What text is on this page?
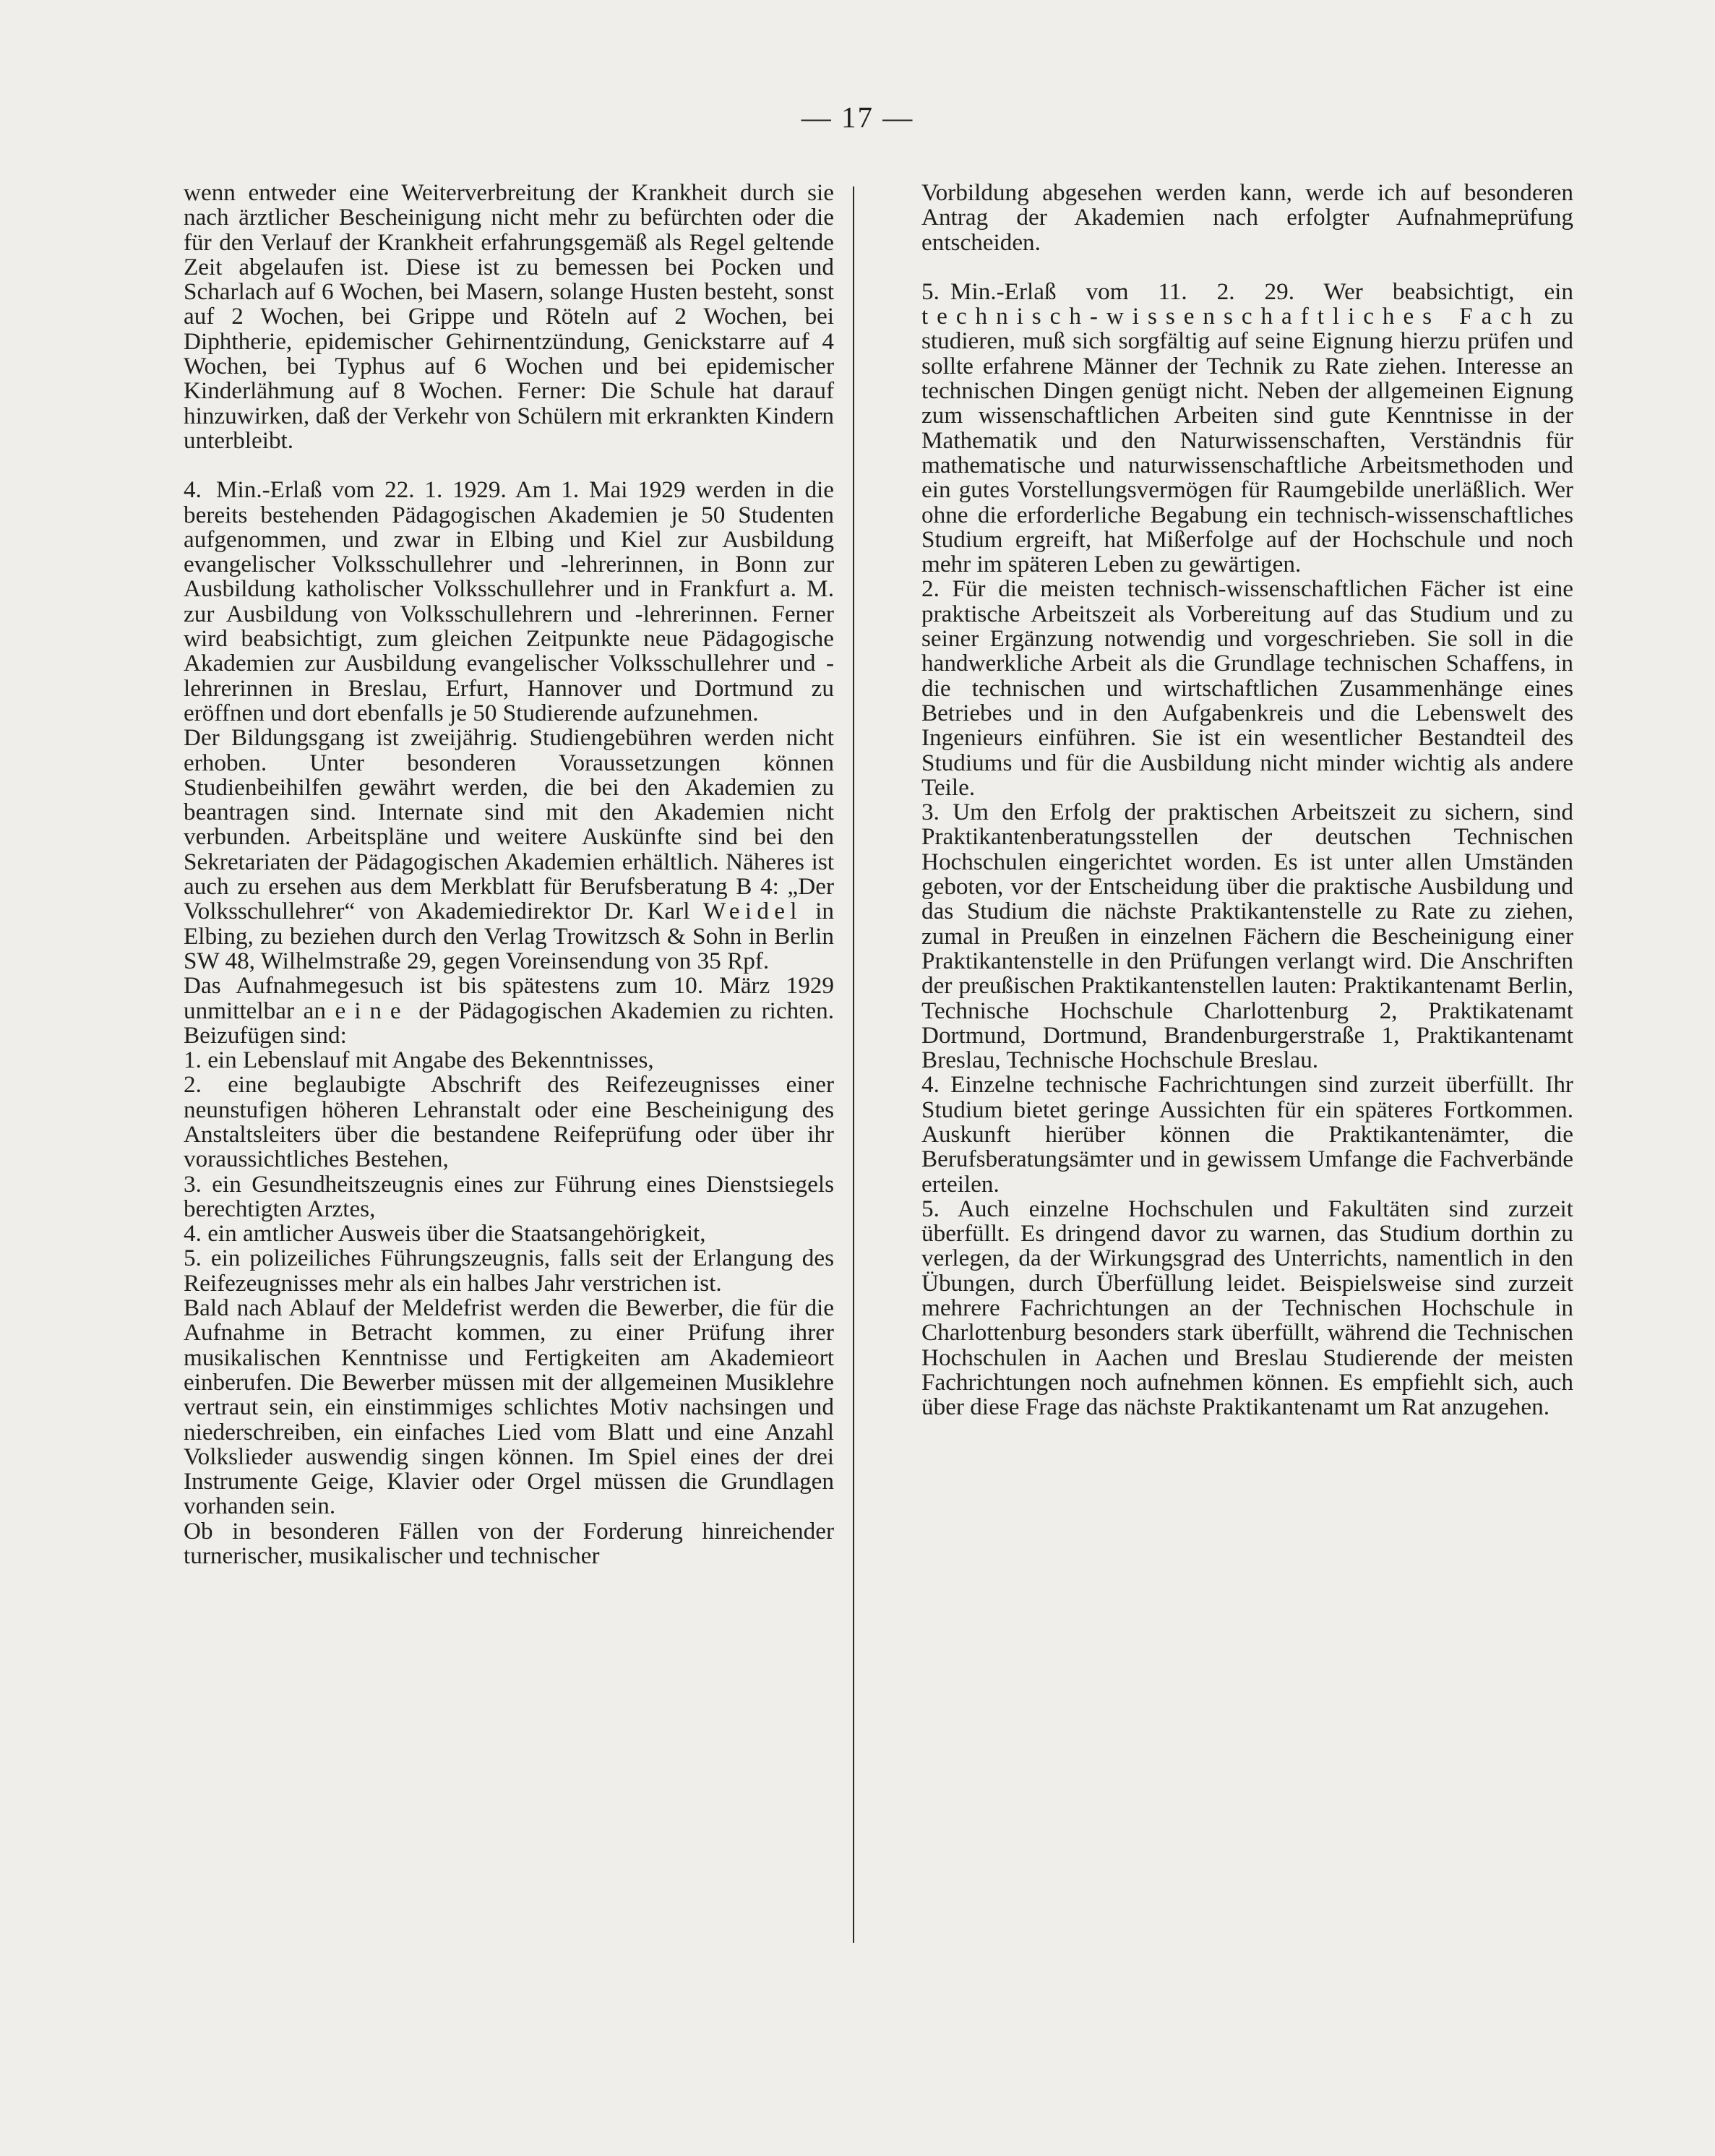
— 17 —

wenn entweder eine Weiterverbreitung der Krankheit durch sie nach ärztlicher Bescheinigung nicht mehr zu befürchten oder die für den Verlauf der Krankheit erfahrungsgemäß als Regel geltende Zeit abgelaufen ist. Diese ist zu bemessen bei Pocken und Scharlach auf 6 Wochen, bei Masern, solange Husten besteht, sonst auf 2 Wochen, bei Grippe und Röteln auf 2 Wochen, bei Diphtherie, epidemischer Gehirnentzündung, Genickstarre auf 4 Wochen, bei Typhus auf 6 Wochen und bei epidemischer Kinderlähmung auf 8 Wochen. Ferner: Die Schule hat darauf hinzuwirken, daß der Verkehr von Schülern mit erkrankten Kindern unterbleibt.

4. Min.-Erlaß vom 22. 1. 1929. Am 1. Mai 1929 werden in die bereits bestehenden Pädagogischen Akademien je 50 Studenten aufgenommen, und zwar in Elbing und Kiel zur Ausbildung evangelischer Volksschullehrer und -lehrerinnen, in Bonn zur Ausbildung katholischer Volksschullehrer und in Frankfurt a. M. zur Ausbildung von Volksschullehrern und -lehrerinnen. Ferner wird beabsichtigt, zum gleichen Zeitpunkte neue Pädagogische Akademien zur Ausbildung evangelischer Volksschullehrer und -lehrerinnen in Breslau, Erfurt, Hannover und Dortmund zu eröffnen und dort ebenfalls je 50 Studierende aufzunehmen.

Der Bildungsgang ist zweijährig. Studiengebühren werden nicht erhoben. Unter besonderen Voraussetzungen können Studienbeihilfen gewährt werden, die bei den Akademien zu beantragen sind. Internate sind mit den Akademien nicht verbunden. Arbeitspläne und weitere Auskünfte sind bei den Sekretariaten der Pädagogischen Akademien erhältlich. Näheres ist auch zu ersehen aus dem Merkblatt für Berufsberatung B 4: „Der Volksschullehrer“ von Akademiedirektor Dr. Karl Weidel in Elbing, zu beziehen durch den Verlag Trowitzsch & Sohn in Berlin SW 48, Wilhelmstraße 29, gegen Voreinsendung von 35 Rpf.

Das Aufnahmegesuch ist bis spätestens zum 10. März 1929 unmittelbar an eine der Pädagogischen Akademien zu richten. Beizufügen sind:

1. ein Lebenslauf mit Angabe des Bekenntnisses,

2. eine beglaubigte Abschrift des Reifezeugnisses einer neunstufigen höheren Lehranstalt oder eine Bescheinigung des Anstaltsleiters über die bestandene Reifeprüfung oder über ihr voraussichtliches Bestehen,

3. ein Gesundheitszeugnis eines zur Führung eines Dienstsiegels berechtigten Arztes,

4. ein amtlicher Ausweis über die Staatsangehörigkeit,

5. ein polizeiliches Führungszeugnis, falls seit der Erlangung des Reifezeugnisses mehr als ein halbes Jahr verstrichen ist.

Bald nach Ablauf der Meldefrist werden die Bewerber, die für die Aufnahme in Betracht kommen, zu einer Prüfung ihrer musikalischen Kenntnisse und Fertigkeiten am Akademieort einberufen. Die Bewerber müssen mit der allgemeinen Musiklehre vertraut sein, ein einstimmiges schlichtes Motiv nachsingen und niederschreiben, ein einfaches Lied vom Blatt und eine Anzahl Volkslieder auswendig singen können. Im Spiel eines der drei Instrumente Geige, Klavier oder Orgel müssen die Grundlagen vorhanden sein.

Ob in besonderen Fällen von der Forderung hinreichender turnerischer, musikalischer und technischer

Vorbildung abgesehen werden kann, werde ich auf besonderen Antrag der Akademien nach erfolgter Aufnahmeprüfung entscheiden.

5. Min.-Erlaß vom 11. 2. 29. Wer beabsichtigt, ein technisch-wissenschaftliches Fach zu studieren, muß sich sorgfältig auf seine Eignung hierzu prüfen und sollte erfahrene Männer der Technik zu Rate ziehen. Interesse an technischen Dingen genügt nicht. Neben der allgemeinen Eignung zum wissenschaftlichen Arbeiten sind gute Kenntnisse in der Mathematik und den Naturwissenschaften, Verständnis für mathematische und naturwissenschaftliche Arbeitsmethoden und ein gutes Vorstellungsvermögen für Raumgebilde unerläßlich. Wer ohne die erforderliche Begabung ein technisch-wissenschaftliches Studium ergreift, hat Mißerfolge auf der Hochschule und noch mehr im späteren Leben zu gewärtigen.

2. Für die meisten technisch-wissenschaftlichen Fächer ist eine praktische Arbeitszeit als Vorbereitung auf das Studium und zu seiner Ergänzung notwendig und vorgeschrieben. Sie soll in die handwerkliche Arbeit als die Grundlage technischen Schaffens, in die technischen und wirtschaftlichen Zusammenhänge eines Betriebes und in den Aufgabenkreis und die Lebenswelt des Ingenieurs einführen. Sie ist ein wesentlicher Bestandteil des Studiums und für die Ausbildung nicht minder wichtig als andere Teile.

3. Um den Erfolg der praktischen Arbeitszeit zu sichern, sind Praktikantenberatungsstellen der deutschen Technischen Hochschulen eingerichtet worden. Es ist unter allen Umständen geboten, vor der Entscheidung über die praktische Ausbildung und das Studium die nächste Praktikantenstelle zu Rate zu ziehen, zumal in Preußen in einzelnen Fächern die Bescheinigung einer Praktikantenstelle in den Prüfungen verlangt wird. Die Anschriften der preußischen Praktikantenstellen lauten: Praktikantenamt Berlin, Technische Hochschule Charlottenburg 2, Praktikatenamt Dortmund, Dortmund, Brandenburgerstraße 1, Praktikantenamt Breslau, Technische Hochschule Breslau.

4. Einzelne technische Fachrichtungen sind zurzeit überfüllt. Ihr Studium bietet geringe Aussichten für ein späteres Fortkommen. Auskunft hierüber können die Praktikantenämter, die Berufsberatungsämter und in gewissem Umfange die Fachverbände erteilen.

5. Auch einzelne Hochschulen und Fakultäten sind zurzeit überfüllt. Es dringend davor zu warnen, das Studium dorthin zu verlegen, da der Wirkungsgrad des Unterrichts, namentlich in den Übungen, durch Überfüllung leidet. Beispielsweise sind zurzeit mehrere Fachrichtungen an der Technischen Hochschule in Charlottenburg besonders stark überfüllt, während die Technischen Hochschulen in Aachen und Breslau Studierende der meisten Fachrichtungen noch aufnehmen können. Es empfiehlt sich, auch über diese Frage das nächste Praktikantenamt um Rat anzugehen.
